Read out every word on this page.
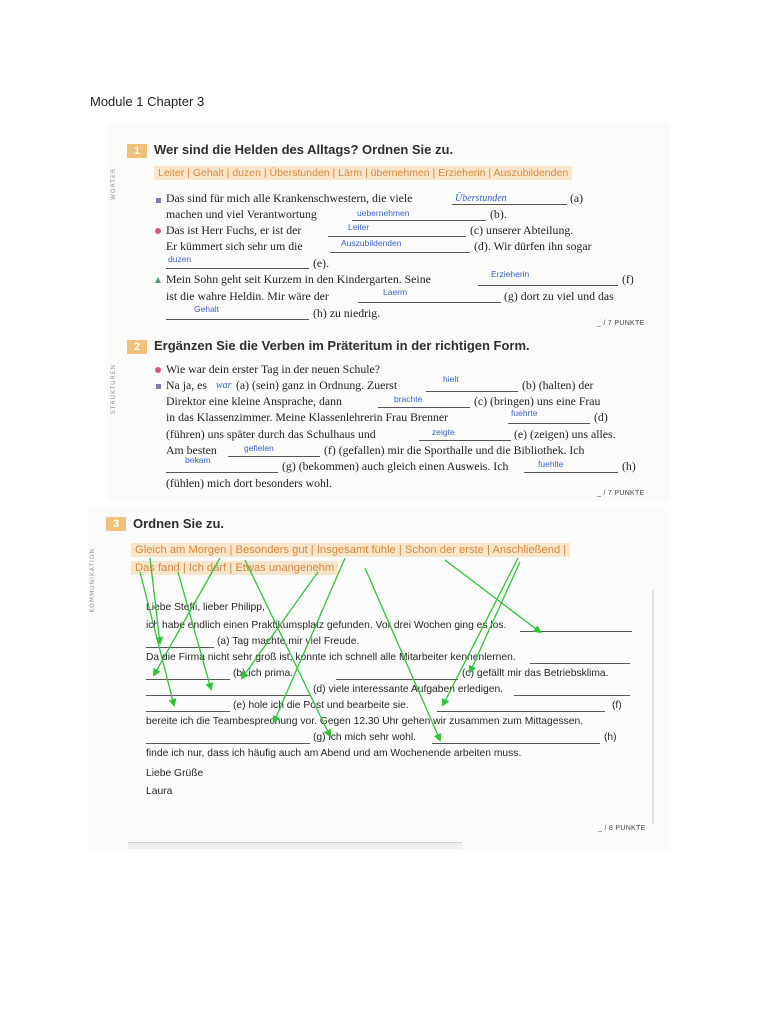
Module 1 Chapter 3
WÖRTER
1	Wer sind die Helden des Alltags? Ordnen Sie zu.
Leiter | Gehalt | duzen | Überstunden | Lärm | übernehmen | Erzieherin | Auszubildenden
Das sind für mich alle Krankenschwestern, die viele	Überstunden	(a)
machen und viel Verantwortung	uebernehmen	(b).
Das ist Herr Fuchs, er ist der	Leiter	(c) unserer Abteilung.
Er kümmert sich sehr um die	Auszubildenden	(d). Wir dürfen ihn sogar
duzen	(e).
Mein Sohn geht seit Kurzem in den Kindergarten. Seine	Erzieherin	(f)
ist die wahre Heldin. Mir wäre der	Laerm	(g) dort zu viel und das
Gehalt	(h) zu niedrig.
_ / 7 PUNKTE
STRUKTUREN
2	Ergänzen Sie die Verben im Präteritum in der richtigen Form.
Wie war dein erster Tag in der neuen Schule?
Na ja, es war (a) (sein) ganz in Ordnung. Zuerst	hielt	(b) (halten) der
Direktor eine kleine Ansprache, dann	brachte	(c) (bringen) uns eine Frau
in das Klassenzimmer. Meine Klassenlehrerin Frau Brenner	fuehrte	(d)
(führen) uns später durch das Schulhaus und	zeigte	(e) (zeigen) uns alles.
Am besten	gefielen	(f) (gefallen) mir die Sporthalle und die Bibliothek. Ich
bekam	(g) (bekommen) auch gleich einen Ausweis. Ich	fuehlte	(h)
(fühlen) mich dort besonders wohl.
_ / 7 PUNKTE
KOMMUNIKATION
3	Ordnen Sie zu.
Gleich am Morgen | Besonders gut | Insgesamt fühle | Schon der erste | Anschließend |
Das fand | Ich darf | Etwas unangenehm
Liebe Steffi, lieber Philipp,
ich habe endlich einen Praktikumsplatz gefunden. Vor drei Wochen ging es los.
(a) Tag machte mir viel Freude.
Da die Firma nicht sehr groß ist, konnte ich schnell alle Mitarbeiter kennenlernen.
(b) ich prima.	(c) gefällt mir das Betriebsklima.
(d) viele interessante Aufgaben erledigen.
(e) hole ich die Post und bearbeite sie.	(f)
bereite ich die Teambesprechung vor. Gegen 12.30 Uhr gehen wir zusammen zum Mittagessen.
(g) ich mich sehr wohl.	(h)
finde ich nur, dass ich häufig auch am Abend und am Wochenende arbeiten muss.
Liebe Grüße
Laura
_ / 8 PUNKTE
